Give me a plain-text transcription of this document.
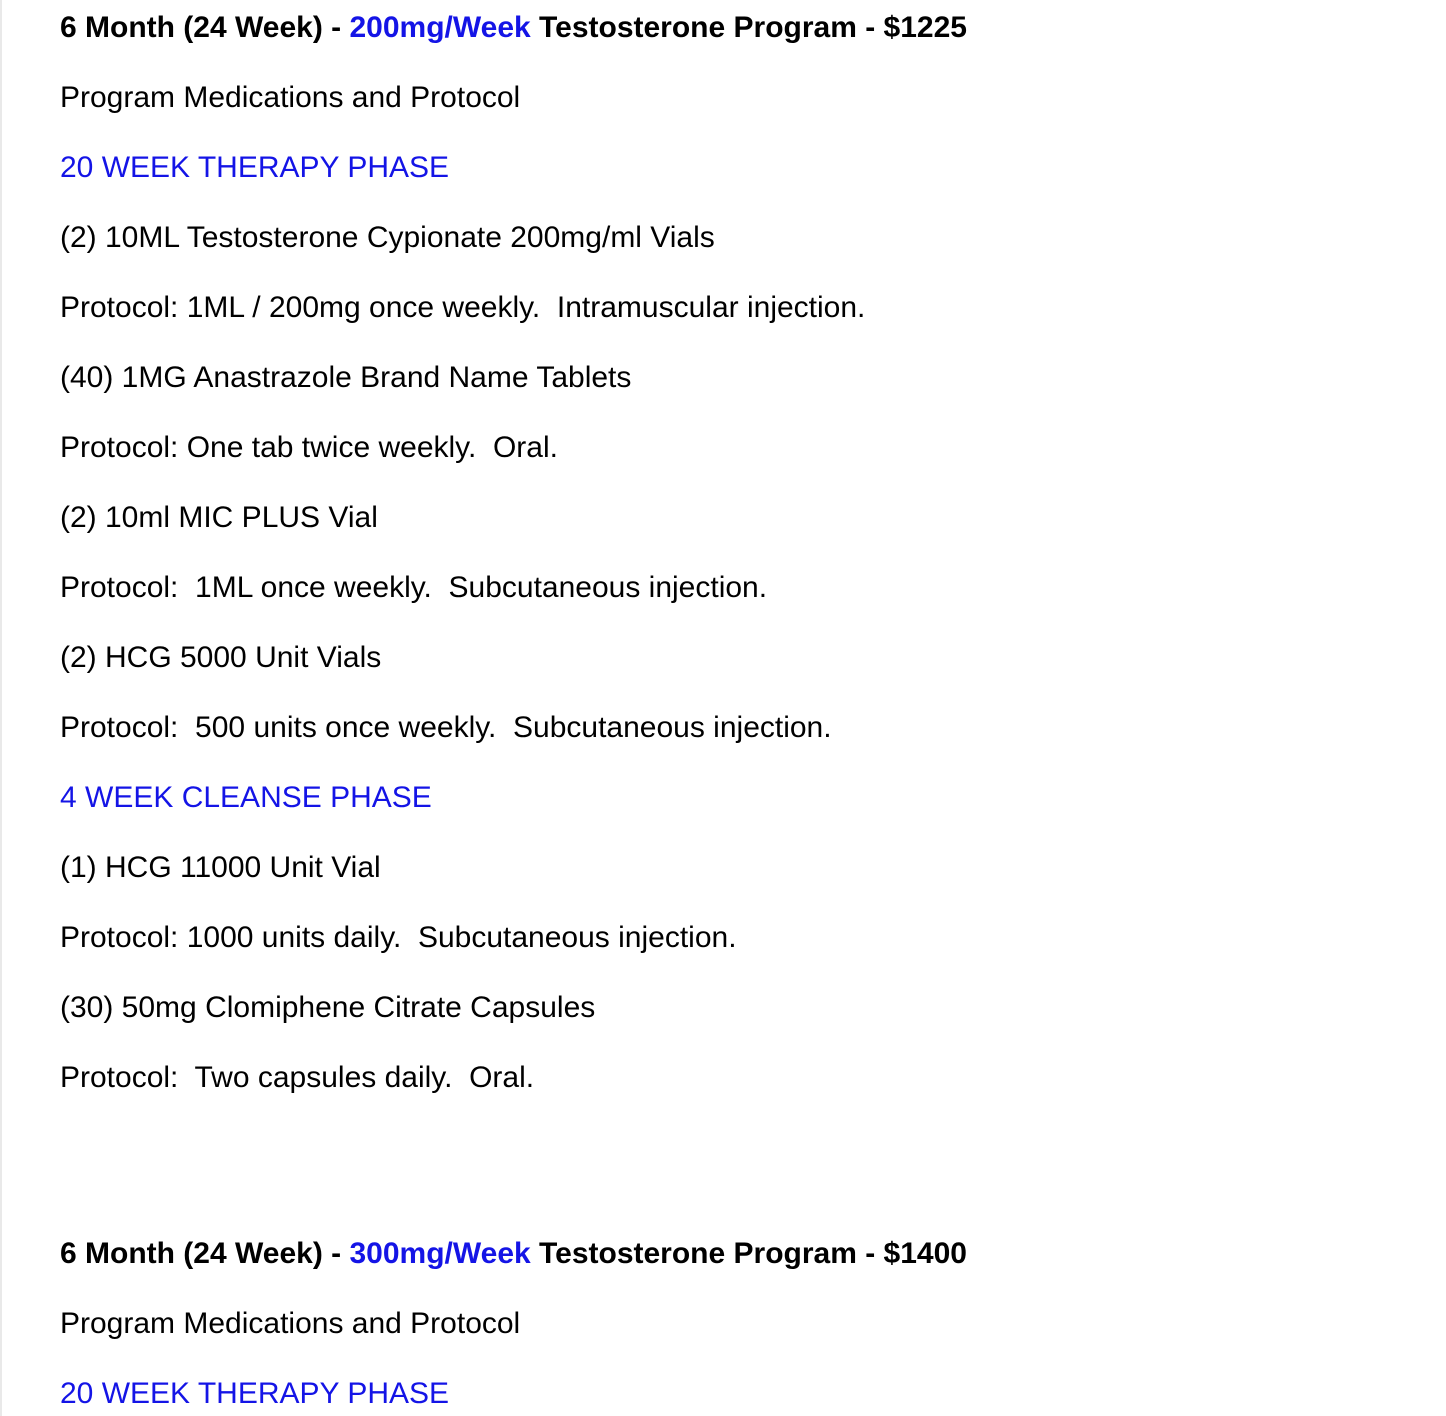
6 Month (24 Week) - 200mg/Week Testosterone Program - $1225
Program Medications and Protocol
20 WEEK THERAPY PHASE
(2) 10ML Testosterone Cypionate 200mg/ml Vials
Protocol: 1ML / 200mg once weekly.  Intramuscular injection.
(40) 1MG Anastrazole Brand Name Tablets
Protocol: One tab twice weekly.  Oral.
(2) 10ml MIC PLUS Vial
Protocol:  1ML once weekly.  Subcutaneous injection.
(2) HCG 5000 Unit Vials
Protocol:  500 units once weekly.  Subcutaneous injection.
4 WEEK CLEANSE PHASE
(1) HCG 11000 Unit Vial
Protocol: 1000 units daily.  Subcutaneous injection.
(30) 50mg Clomiphene Citrate Capsules
Protocol:  Two capsules daily.  Oral.
6 Month (24 Week) - 300mg/Week Testosterone Program - $1400
Program Medications and Protocol
20 WEEK THERAPY PHASE
